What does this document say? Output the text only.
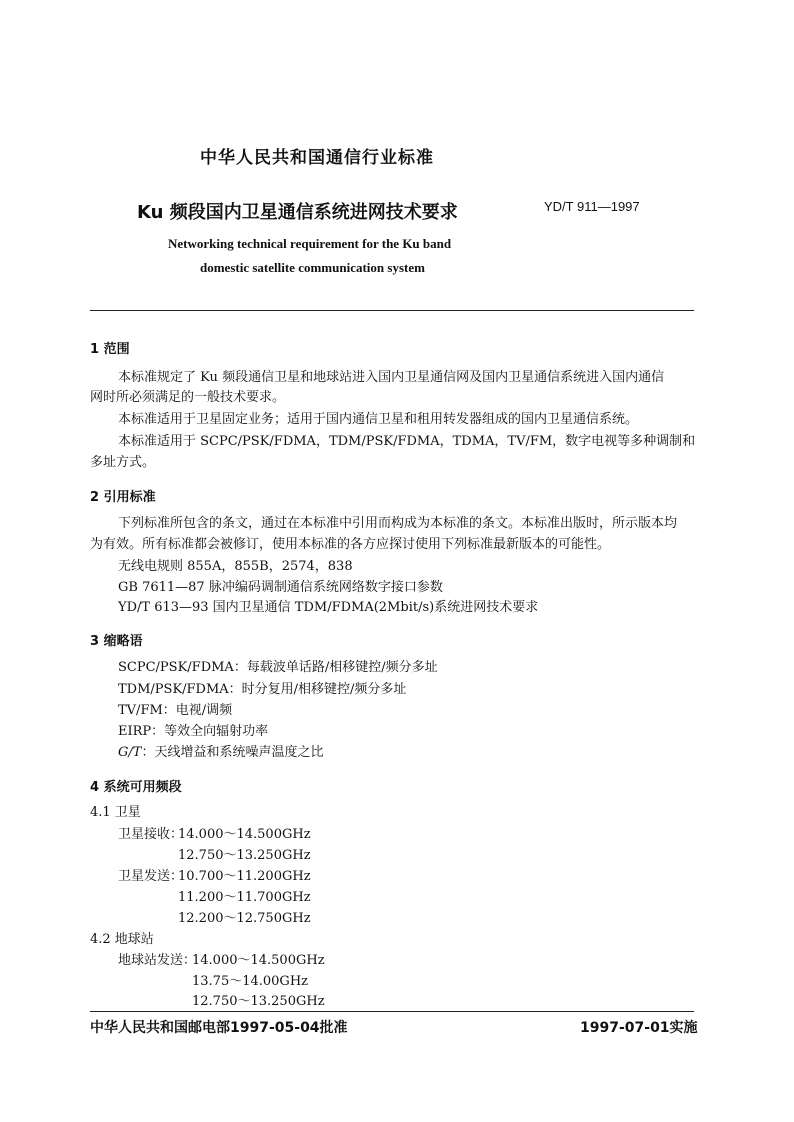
中华人民共和国通信行业标准
Ku 频段国内卫星通信系统进网技术要求	YD/T 911—1997
Networking technical requirement for the Ku band
domestic satellite communication system
1 范围
本标准规定了 Ku 频段通信卫星和地球站进入国内卫星通信网及国内卫星通信系统进入国内通信
网时所必须满足的一般技术要求。
本标准适用于卫星固定业务；适用于国内通信卫星和租用转发器组成的国内卫星通信系统。
本标准适用于 SCPC/PSK/FDMA，TDM/PSK/FDMA，TDMA，TV/FM，数字电视等多种调制和
多址方式。
2 引用标准
下列标准所包含的条文，通过在本标准中引用而构成为本标准的条文。本标准出版时，所示版本均
为有效。所有标准都会被修订，使用本标准的各方应探讨使用下列标准最新版本的可能性。
无线电规则 855A，855B，2574，838
GB 7611—87 脉冲编码调制通信系统网络数字接口参数
YD/T 613—93 国内卫星通信 TDM/FDMA(2Mbit/s)系统进网技术要求
3 缩略语
SCPC/PSK/FDMA：每载波单话路/相移键控/频分多址
TDM/PSK/FDMA：时分复用/相移键控/频分多址
TV/FM：电视/调频
EIRP：等效全向辐射功率
G/T：天线增益和系统噪声温度之比
4 系统可用频段
4.1 卫星
卫星接收：
14.000～14.500GHz
12.750～13.250GHz
卫星发送：
10.700～11.200GHz
11.200～11.700GHz
12.200～12.750GHz
4.2 地球站
地球站发送：
14.000～14.500GHz
13.75～14.00GHz
12.750～13.250GHz
中华人民共和国邮电部1997-05-04批准	1997-07-01实施
